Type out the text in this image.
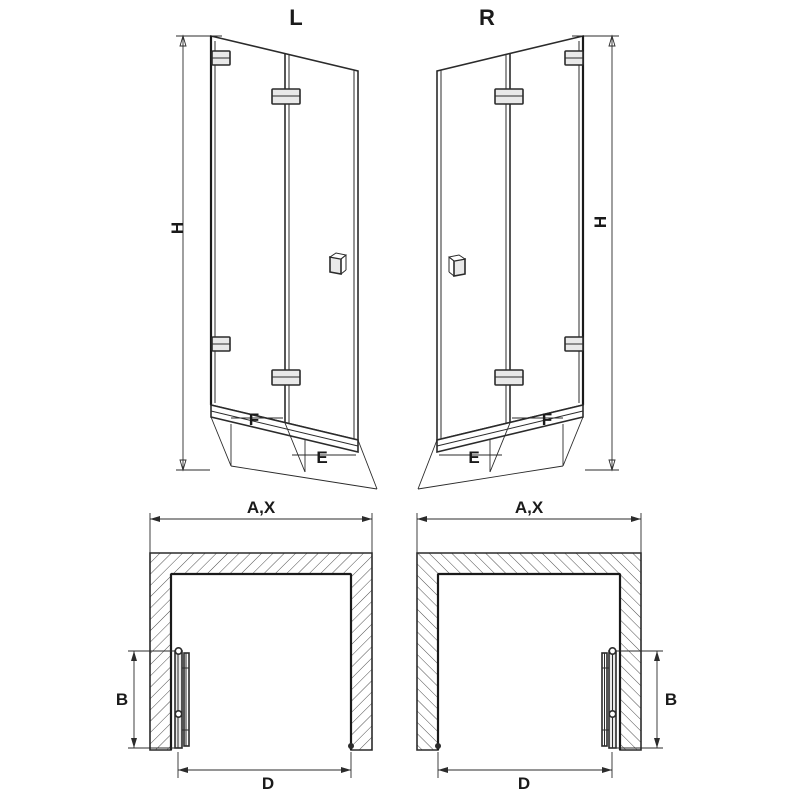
L
H
F
E
R
H
F
E
A,X
B
D
A,X
B
D
